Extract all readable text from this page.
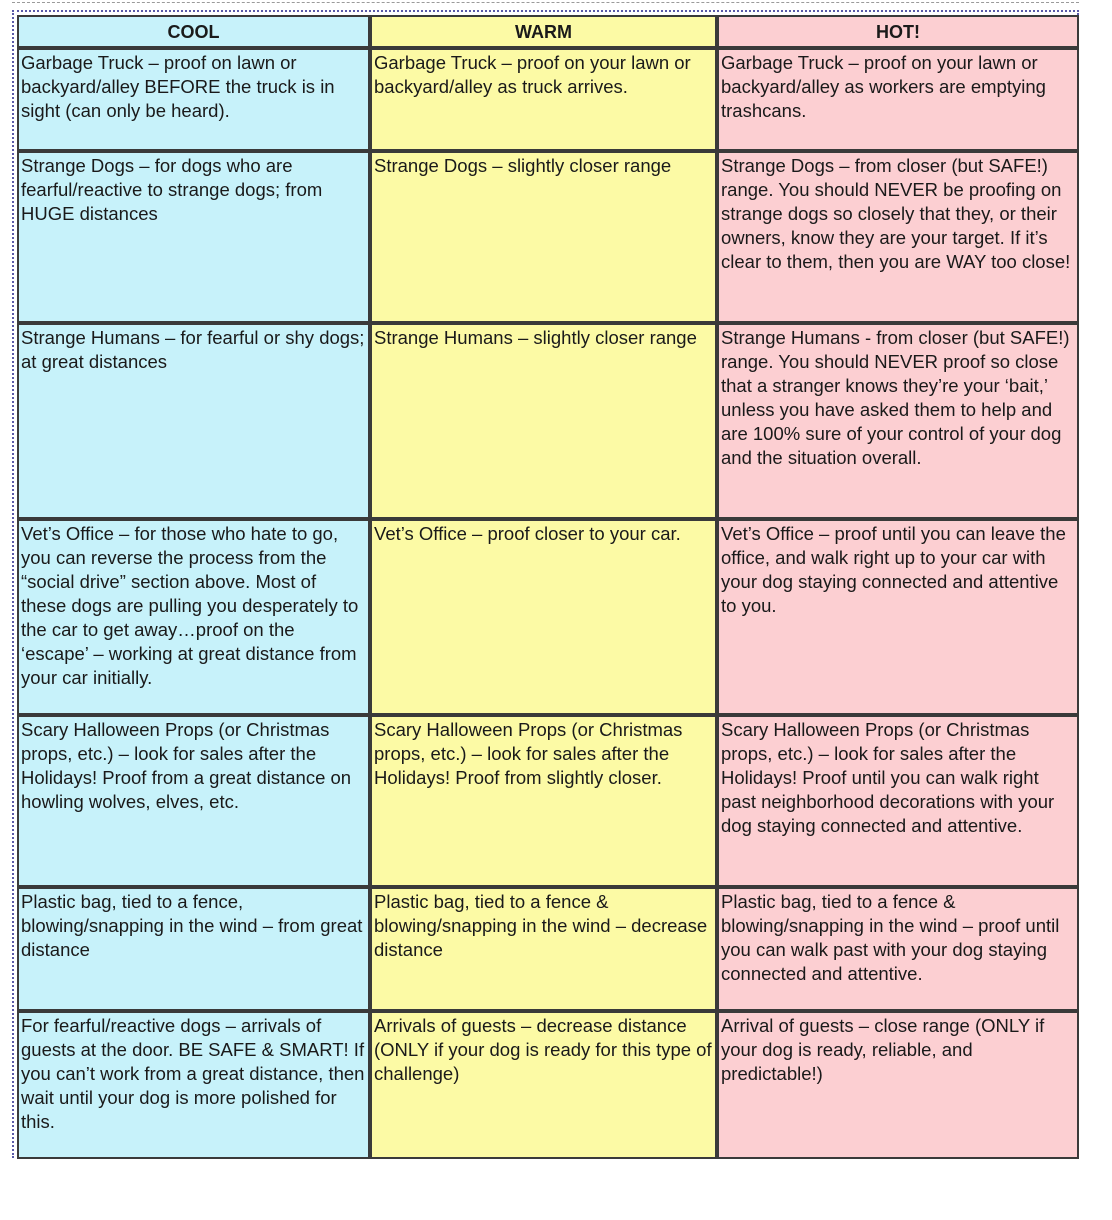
COOL	WARM	HOT!
Garbage Truck – proof on lawn or backyard/alley BEFORE the truck is in sight (can only be heard).	Garbage Truck – proof on your lawn or backyard/alley as truck arrives.	Garbage Truck – proof on your lawn or backyard/alley as workers are emptying trashcans.
Strange Dogs – for dogs who are fearful/reactive to strange dogs; from HUGE distances	Strange Dogs – slightly closer range	Strange Dogs – from closer (but SAFE!) range. You should NEVER be proofing on strange dogs so closely that they, or their owners, know they are your target. If it’s clear to them, then you are WAY too close!
Strange Humans – for fearful or shy dogs; at great distances	Strange Humans – slightly closer range	Strange Humans - from closer (but SAFE!) range. You should NEVER proof so close that a stranger knows they’re your ‘bait,’ unless you have asked them to help and are 100% sure of your control of your dog and the situation overall.
Vet’s Office – for those who hate to go, you can reverse the process from the “social drive” section above. Most of these dogs are pulling you desperately to the car to get away…proof on the ‘escape’ – working at great distance from your car initially.	Vet’s Office – proof closer to your car.	Vet’s Office – proof until you can leave the office, and walk right up to your car with your dog staying connected and attentive to you.
Scary Halloween Props (or Christmas props, etc.) – look for sales after the Holidays! Proof from a great distance on howling wolves, elves, etc.	Scary Halloween Props (or Christmas props, etc.) – look for sales after the Holidays! Proof from slightly closer.	Scary Halloween Props (or Christmas props, etc.) – look for sales after the Holidays! Proof until you can walk right past neighborhood decorations with your dog staying connected and attentive.
Plastic bag, tied to a fence, blowing/snapping in the wind – from great distance	Plastic bag, tied to a fence & blowing/snapping in the wind – decrease distance	Plastic bag, tied to a fence & blowing/snapping in the wind – proof until you can walk past with your dog staying connected and attentive.
For fearful/reactive dogs – arrivals of guests at the door. BE SAFE & SMART! If you can’t work from a great distance, then wait until your dog is more polished for this.	Arrivals of guests – decrease distance (ONLY if your dog is ready for this type of challenge)	Arrival of guests – close range (ONLY if your dog is ready, reliable, and predictable!)
